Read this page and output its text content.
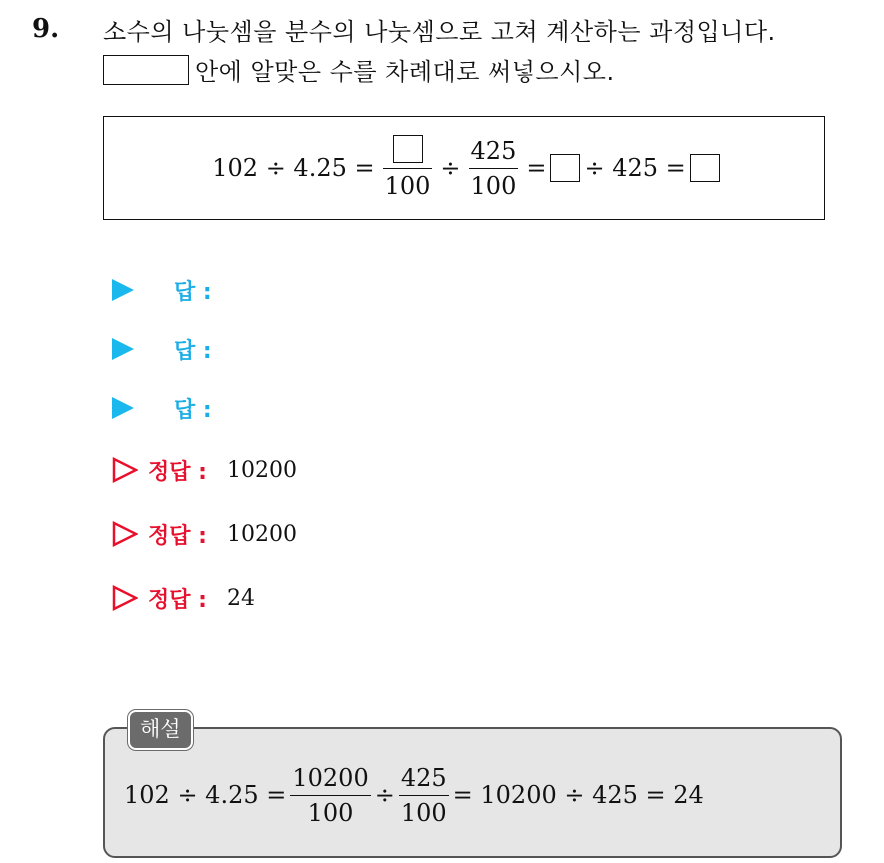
9. 소수의 나눗셈을 분수의 나눗셈으로 고쳐 계산하는 과정입니다.
안에 알맞은 수를 차례대로 써넣으시오.
102 ÷ 4.25 =
100
÷ $\frac{425}{100}$ = ÷ 425 =
답 :
답 :
답 :
정답 : 10200
정답 : 10200
정답 : 24
해설
$102 \div 4.25 = \frac{10200}{100} \div \frac{425}{100} = 10200 \div 425 = 24$
